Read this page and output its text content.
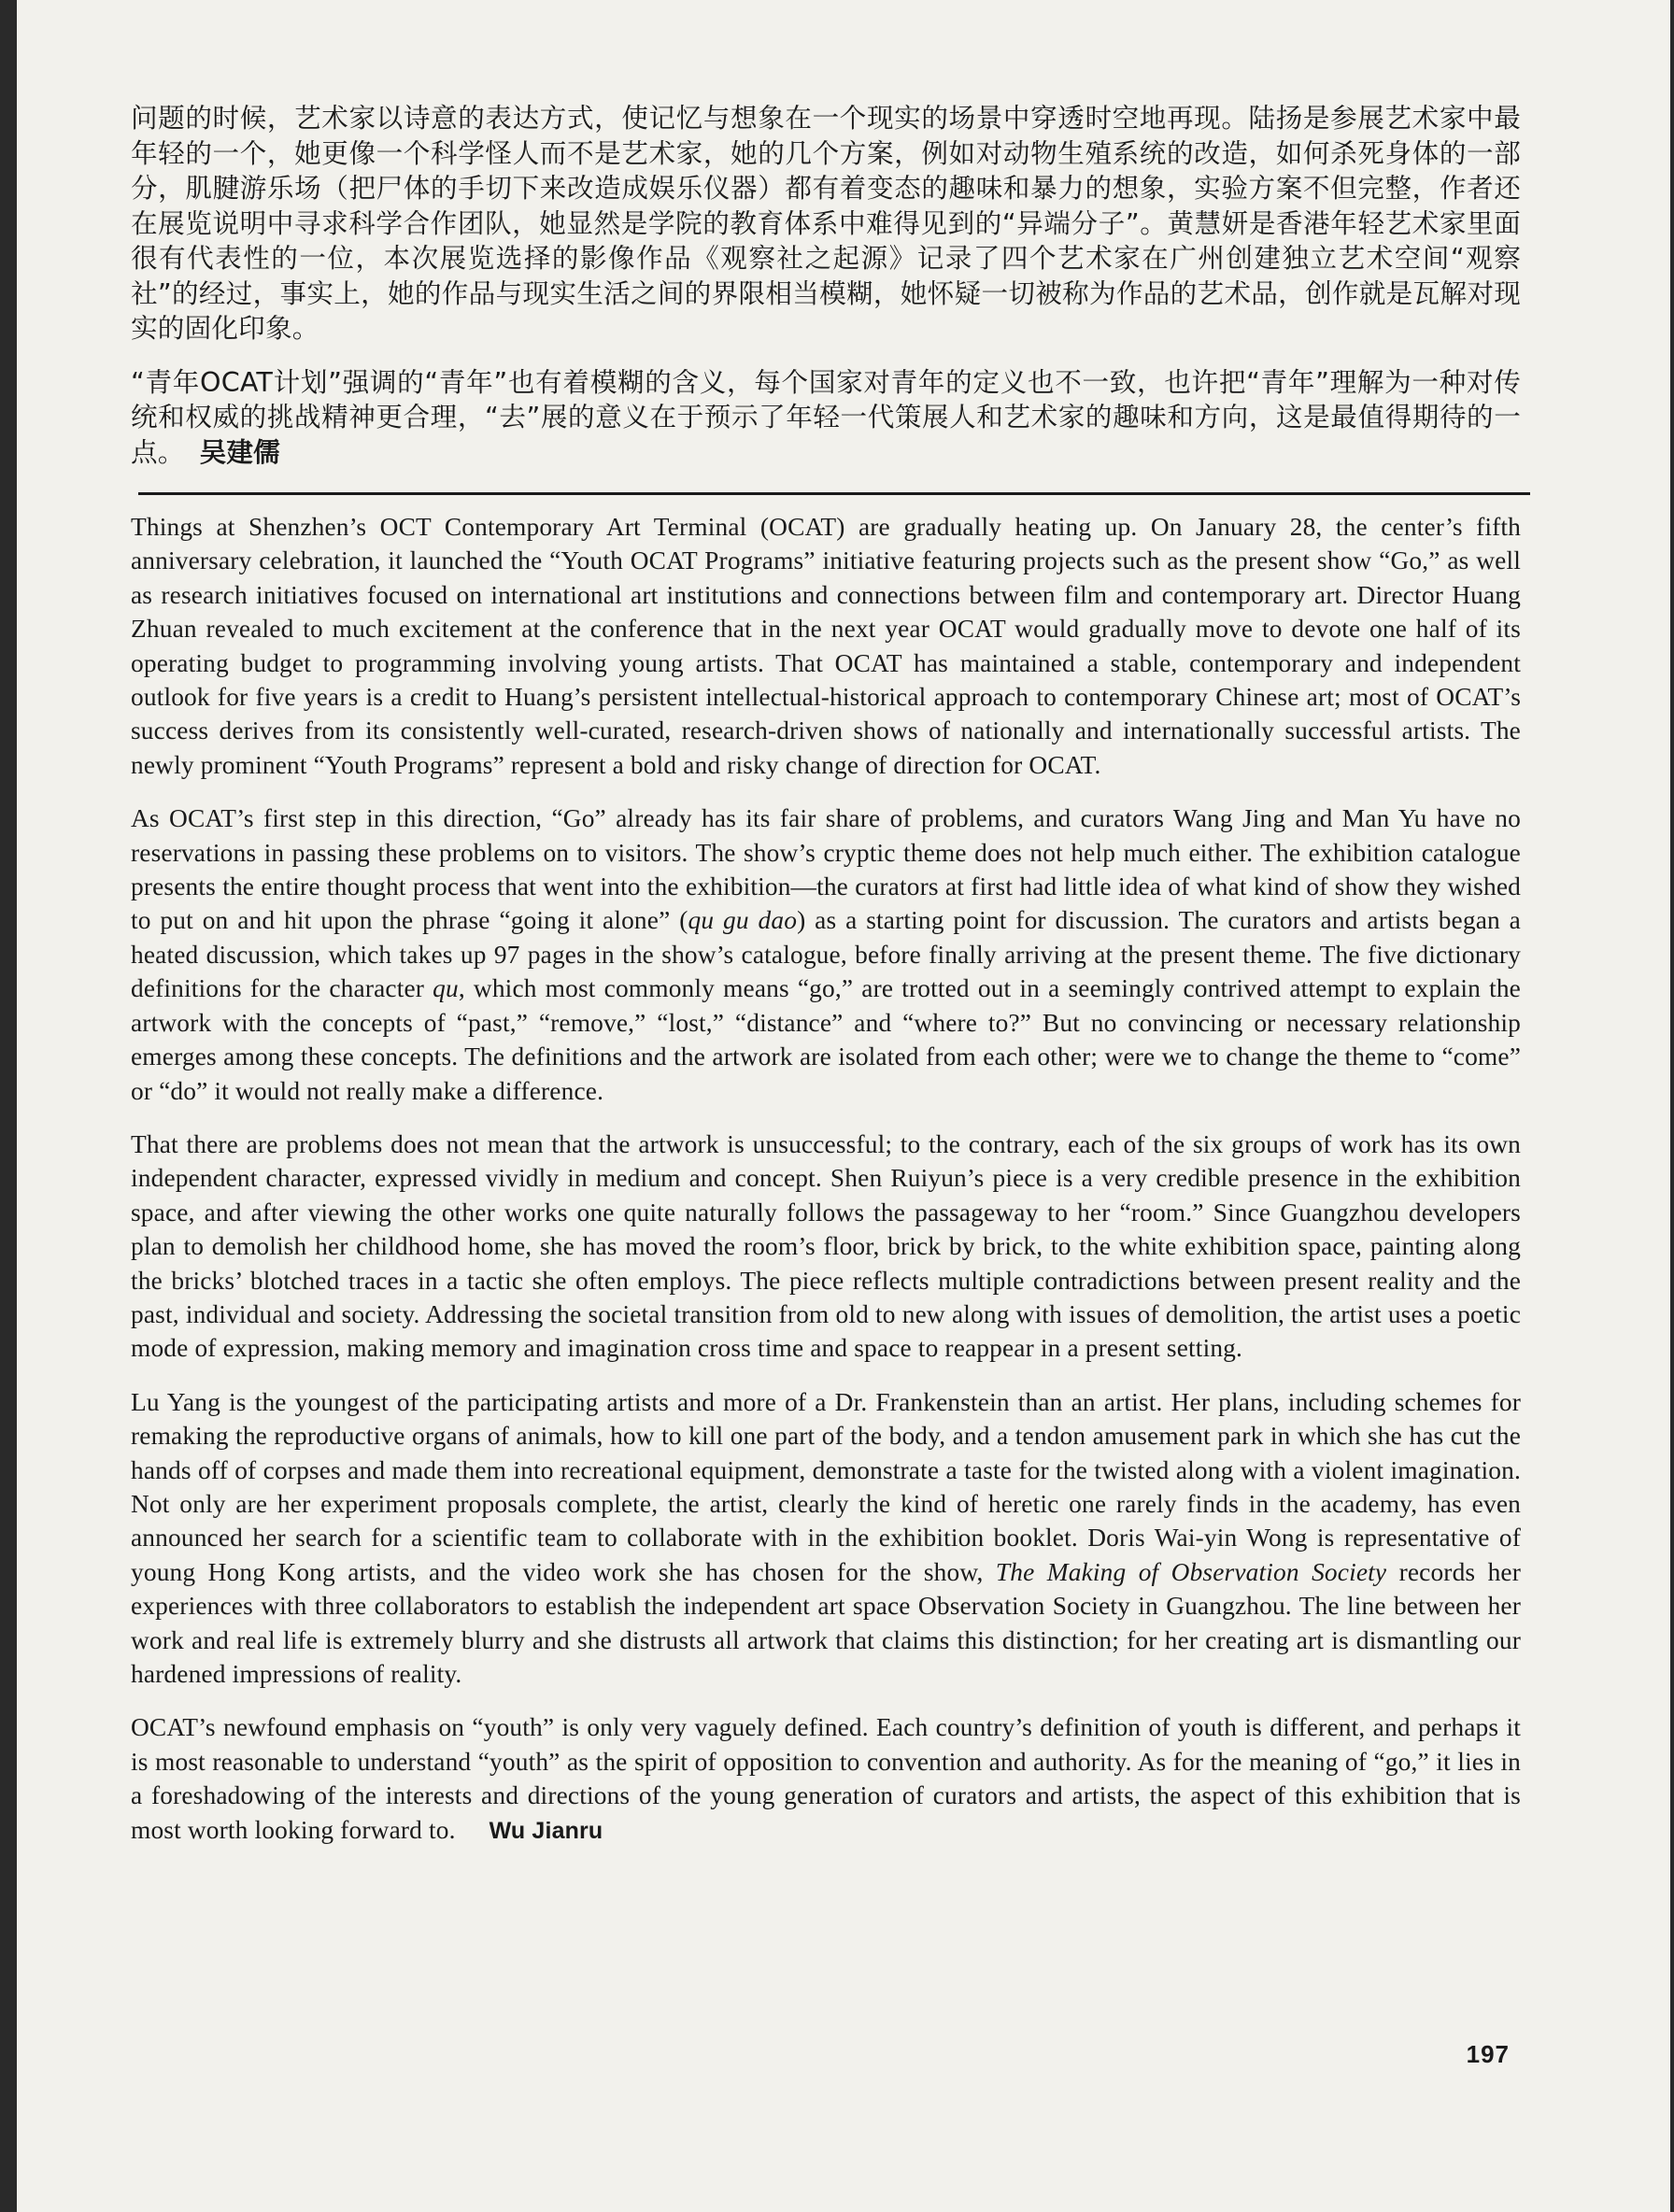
问题的时候，艺术家以诗意的表达方式，使记忆与想象在一个现实的场景中穿透时空地再现。陆扬是参展艺术家中最年轻的一个，她更像一个科学怪人而不是艺术家，她的几个方案，例如对动物生殖系统的改造，如何杀死身体的一部分，肌腱游乐场（把尸体的手切下来改造成娱乐仪器）都有着变态的趣味和暴力的想象，实验方案不但完整，作者还在展览说明中寻求科学合作团队，她显然是学院的教育体系中难得见到的“异端分子”。黄慧妍是香港年轻艺术家里面很有代表性的一位，本次展览选择的影像作品《观察社之起源》记录了四个艺术家在广州创建独立艺术空间“观察社”的经过，事实上，她的作品与现实生活之间的界限相当模糊，她怀疑一切被称为作品的艺术品，创作就是瓦解对现实的固化印象。

“青年OCAT计划”强调的“青年”也有着模糊的含义，每个国家对青年的定义也不一致，也许把“青年”理解为一种对传统和权威的挑战精神更合理，“去”展的意义在于预示了年轻一代策展人和艺术家的趣味和方向，这是最值得期待的一点。 吴建儒

Things at Shenzhen’s OCT Contemporary Art Terminal (OCAT) are gradually heating up. On January 28, the center’s fifth anniversary celebration, it launched the “Youth OCAT Programs” initiative featuring projects such as the present show “Go,” as well as research initiatives focused on international art institutions and connections between film and contemporary art. Director Huang Zhuan revealed to much excitement at the conference that in the next year OCAT would gradually move to devote one half of its operating budget to programming involving young artists. That OCAT has maintained a stable, contemporary and independent outlook for five years is a credit to Huang’s persistent intellectual-historical approach to contemporary Chinese art; most of OCAT’s success derives from its consistently well-curated, research-driven shows of nationally and internationally successful artists. The newly prominent “Youth Programs” represent a bold and risky change of direction for OCAT.

As OCAT’s first step in this direction, “Go” already has its fair share of problems, and curators Wang Jing and Man Yu have no reservations in passing these problems on to visitors. The show’s cryptic theme does not help much either. The exhibition catalogue presents the entire thought process that went into the exhibition—the curators at first had little idea of what kind of show they wished to put on and hit upon the phrase “going it alone” (qu gu dao) as a starting point for discussion. The curators and artists began a heated discussion, which takes up 97 pages in the show’s catalogue, before finally arriving at the present theme. The five dictionary definitions for the character qu, which most commonly means “go,” are trotted out in a seemingly contrived attempt to explain the artwork with the concepts of “past,” “remove,” “lost,” “distance” and “where to?” But no convincing or necessary relationship emerges among these concepts. The definitions and the artwork are isolated from each other; were we to change the theme to “come” or “do” it would not really make a difference.

That there are problems does not mean that the artwork is unsuccessful; to the contrary, each of the six groups of work has its own independent character, expressed vividly in medium and concept. Shen Ruiyun’s piece is a very credible presence in the exhibition space, and after viewing the other works one quite naturally follows the passageway to her “room.” Since Guangzhou developers plan to demolish her childhood home, she has moved the room’s floor, brick by brick, to the white exhibition space, painting along the bricks’ blotched traces in a tactic she often employs. The piece reflects multiple contradictions between present reality and the past, individual and society. Addressing the societal transition from old to new along with issues of demolition, the artist uses a poetic mode of expression, making memory and imagination cross time and space to reappear in a present setting.

Lu Yang is the youngest of the participating artists and more of a Dr. Frankenstein than an artist. Her plans, including schemes for remaking the reproductive organs of animals, how to kill one part of the body, and a tendon amusement park in which she has cut the hands off of corpses and made them into recreational equipment, demonstrate a taste for the twisted along with a violent imagination. Not only are her experiment proposals complete, the artist, clearly the kind of heretic one rarely finds in the academy, has even announced her search for a scientific team to collaborate with in the exhibition booklet. Doris Wai-yin Wong is representative of young Hong Kong artists, and the video work she has chosen for the show, The Making of Observation Society records her experiences with three collaborators to establish the independent art space Observation Society in Guangzhou. The line between her work and real life is extremely blurry and she distrusts all artwork that claims this distinction; for her creating art is dismantling our hardened impressions of reality.

OCAT’s newfound emphasis on “youth” is only very vaguely defined. Each country’s definition of youth is different, and perhaps it is most reasonable to understand “youth” as the spirit of opposition to convention and authority. As for the meaning of “go,” it lies in a foreshadowing of the interests and directions of the young generation of curators and artists, the aspect of this exhibition that is most worth looking forward to. Wu Jianru

197
